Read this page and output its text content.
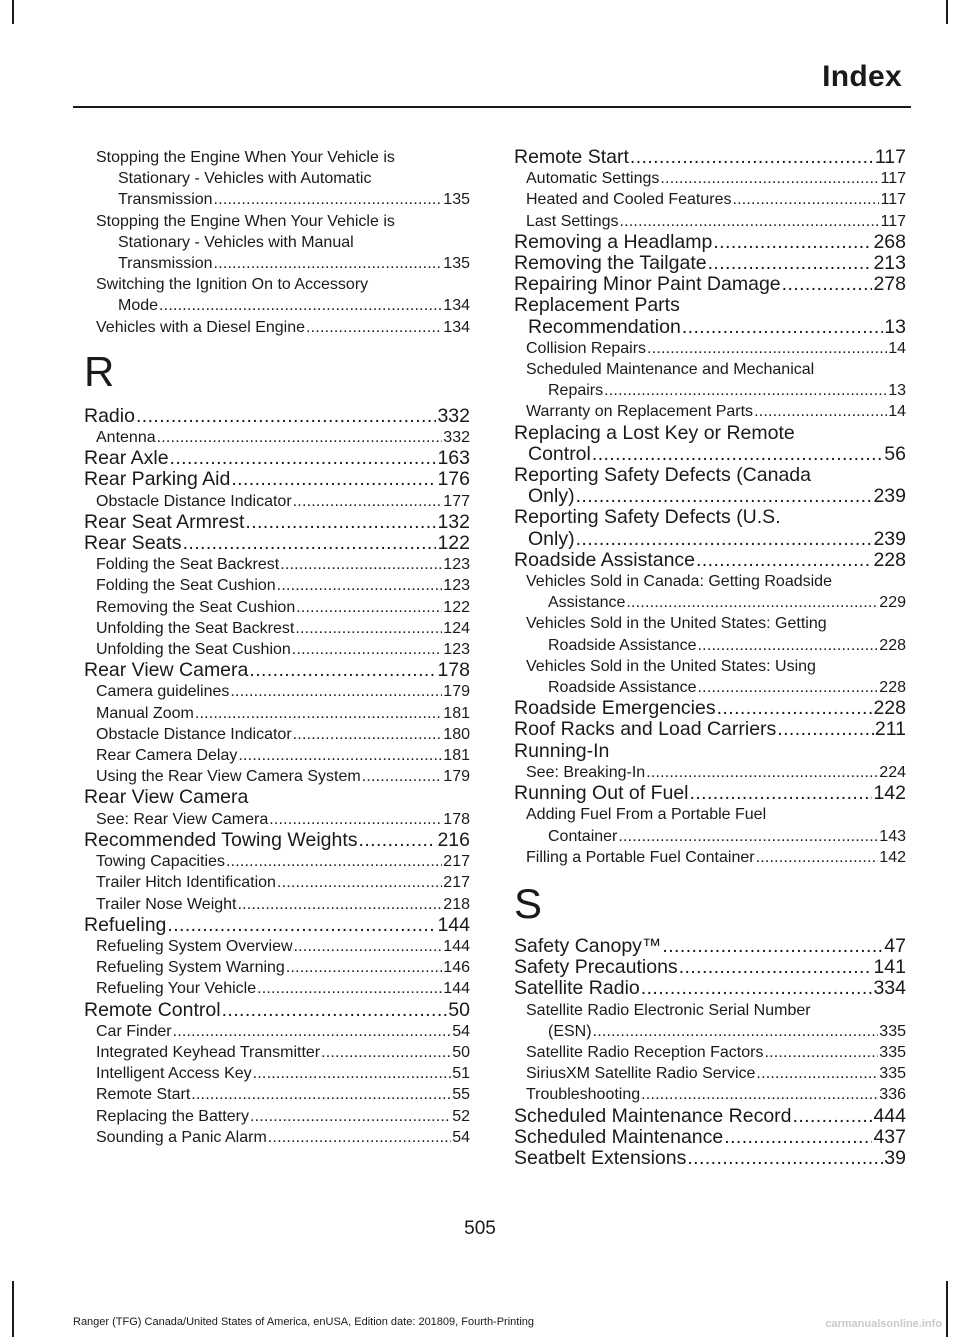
Index
Stopping the Engine When Your Vehicle is
Stationary - Vehicles with Automatic
Transmission .....	135
Stopping the Engine When Your Vehicle is
Stationary - Vehicles with Manual
Transmission .....	135
Switching the Ignition On to Accessory
Mode .....	134
Vehicles with a Diesel Engine .....	134
R
Radio .....	332
Antenna .....	332
Rear Axle .....	163
Rear Parking Aid .....	176
Obstacle Distance Indicator .....	177
Rear Seat Armrest .....	132
Rear Seats .....	122
Folding the Seat Backrest .....	123
Folding the Seat Cushion .....	123
Removing the Seat Cushion .....	122
Unfolding the Seat Backrest .....	124
Unfolding the Seat Cushion .....	123
Rear View Camera .....	178
Camera guidelines .....	179
Manual Zoom .....	181
Obstacle Distance Indicator .....	180
Rear Camera Delay .....	181
Using the Rear View Camera System .....	179
Rear View Camera
See: Rear View Camera .....	178
Recommended Towing Weights .....	216
Towing Capacities .....	217
Trailer Hitch Identification .....	217
Trailer Nose Weight .....	218
Refueling .....	144
Refueling System Overview .....	144
Refueling System Warning .....	146
Refueling Your Vehicle .....	144
Remote Control .....	50
Car Finder .....	54
Integrated Keyhead Transmitter .....	50
Intelligent Access Key .....	51
Remote Start .....	55
Replacing the Battery .....	52
Sounding a Panic Alarm .....	54
Remote Start .....	117
Automatic Settings .....	117
Heated and Cooled Features .....	117
Last Settings .....	117
Removing a Headlamp .....	268
Removing the Tailgate .....	213
Repairing Minor Paint Damage .....	278
Replacement Parts
Recommendation .....	13
Collision Repairs .....	14
Scheduled Maintenance and Mechanical
Repairs .....	13
Warranty on Replacement Parts .....	14
Replacing a Lost Key or Remote
Control .....	56
Reporting Safety Defects (Canada
Only) .....	239
Reporting Safety Defects (U.S.
Only) .....	239
Roadside Assistance .....	228
Vehicles Sold in Canada: Getting Roadside
Assistance .....	229
Vehicles Sold in the United States: Getting
Roadside Assistance .....	228
Vehicles Sold in the United States: Using
Roadside Assistance .....	228
Roadside Emergencies .....	228
Roof Racks and Load Carriers .....	211
Running-In
See: Breaking-In .....	224
Running Out of Fuel .....	142
Adding Fuel From a Portable Fuel
Container .....	143
Filling a Portable Fuel Container .....	142
S
Safety Canopy™ .....	47
Safety Precautions .....	141
Satellite Radio .....	334
Satellite Radio Electronic Serial Number
(ESN) .....	335
Satellite Radio Reception Factors .....	335
SiriusXM Satellite Radio Service .....	335
Troubleshooting .....	336
Scheduled Maintenance Record .....	444
Scheduled Maintenance .....	437
Seatbelt Extensions .....	39
505
Ranger (TFG) Canada/United States of America, enUSA, Edition date: 201809, Fourth-Printing	carmanualsonline.info
